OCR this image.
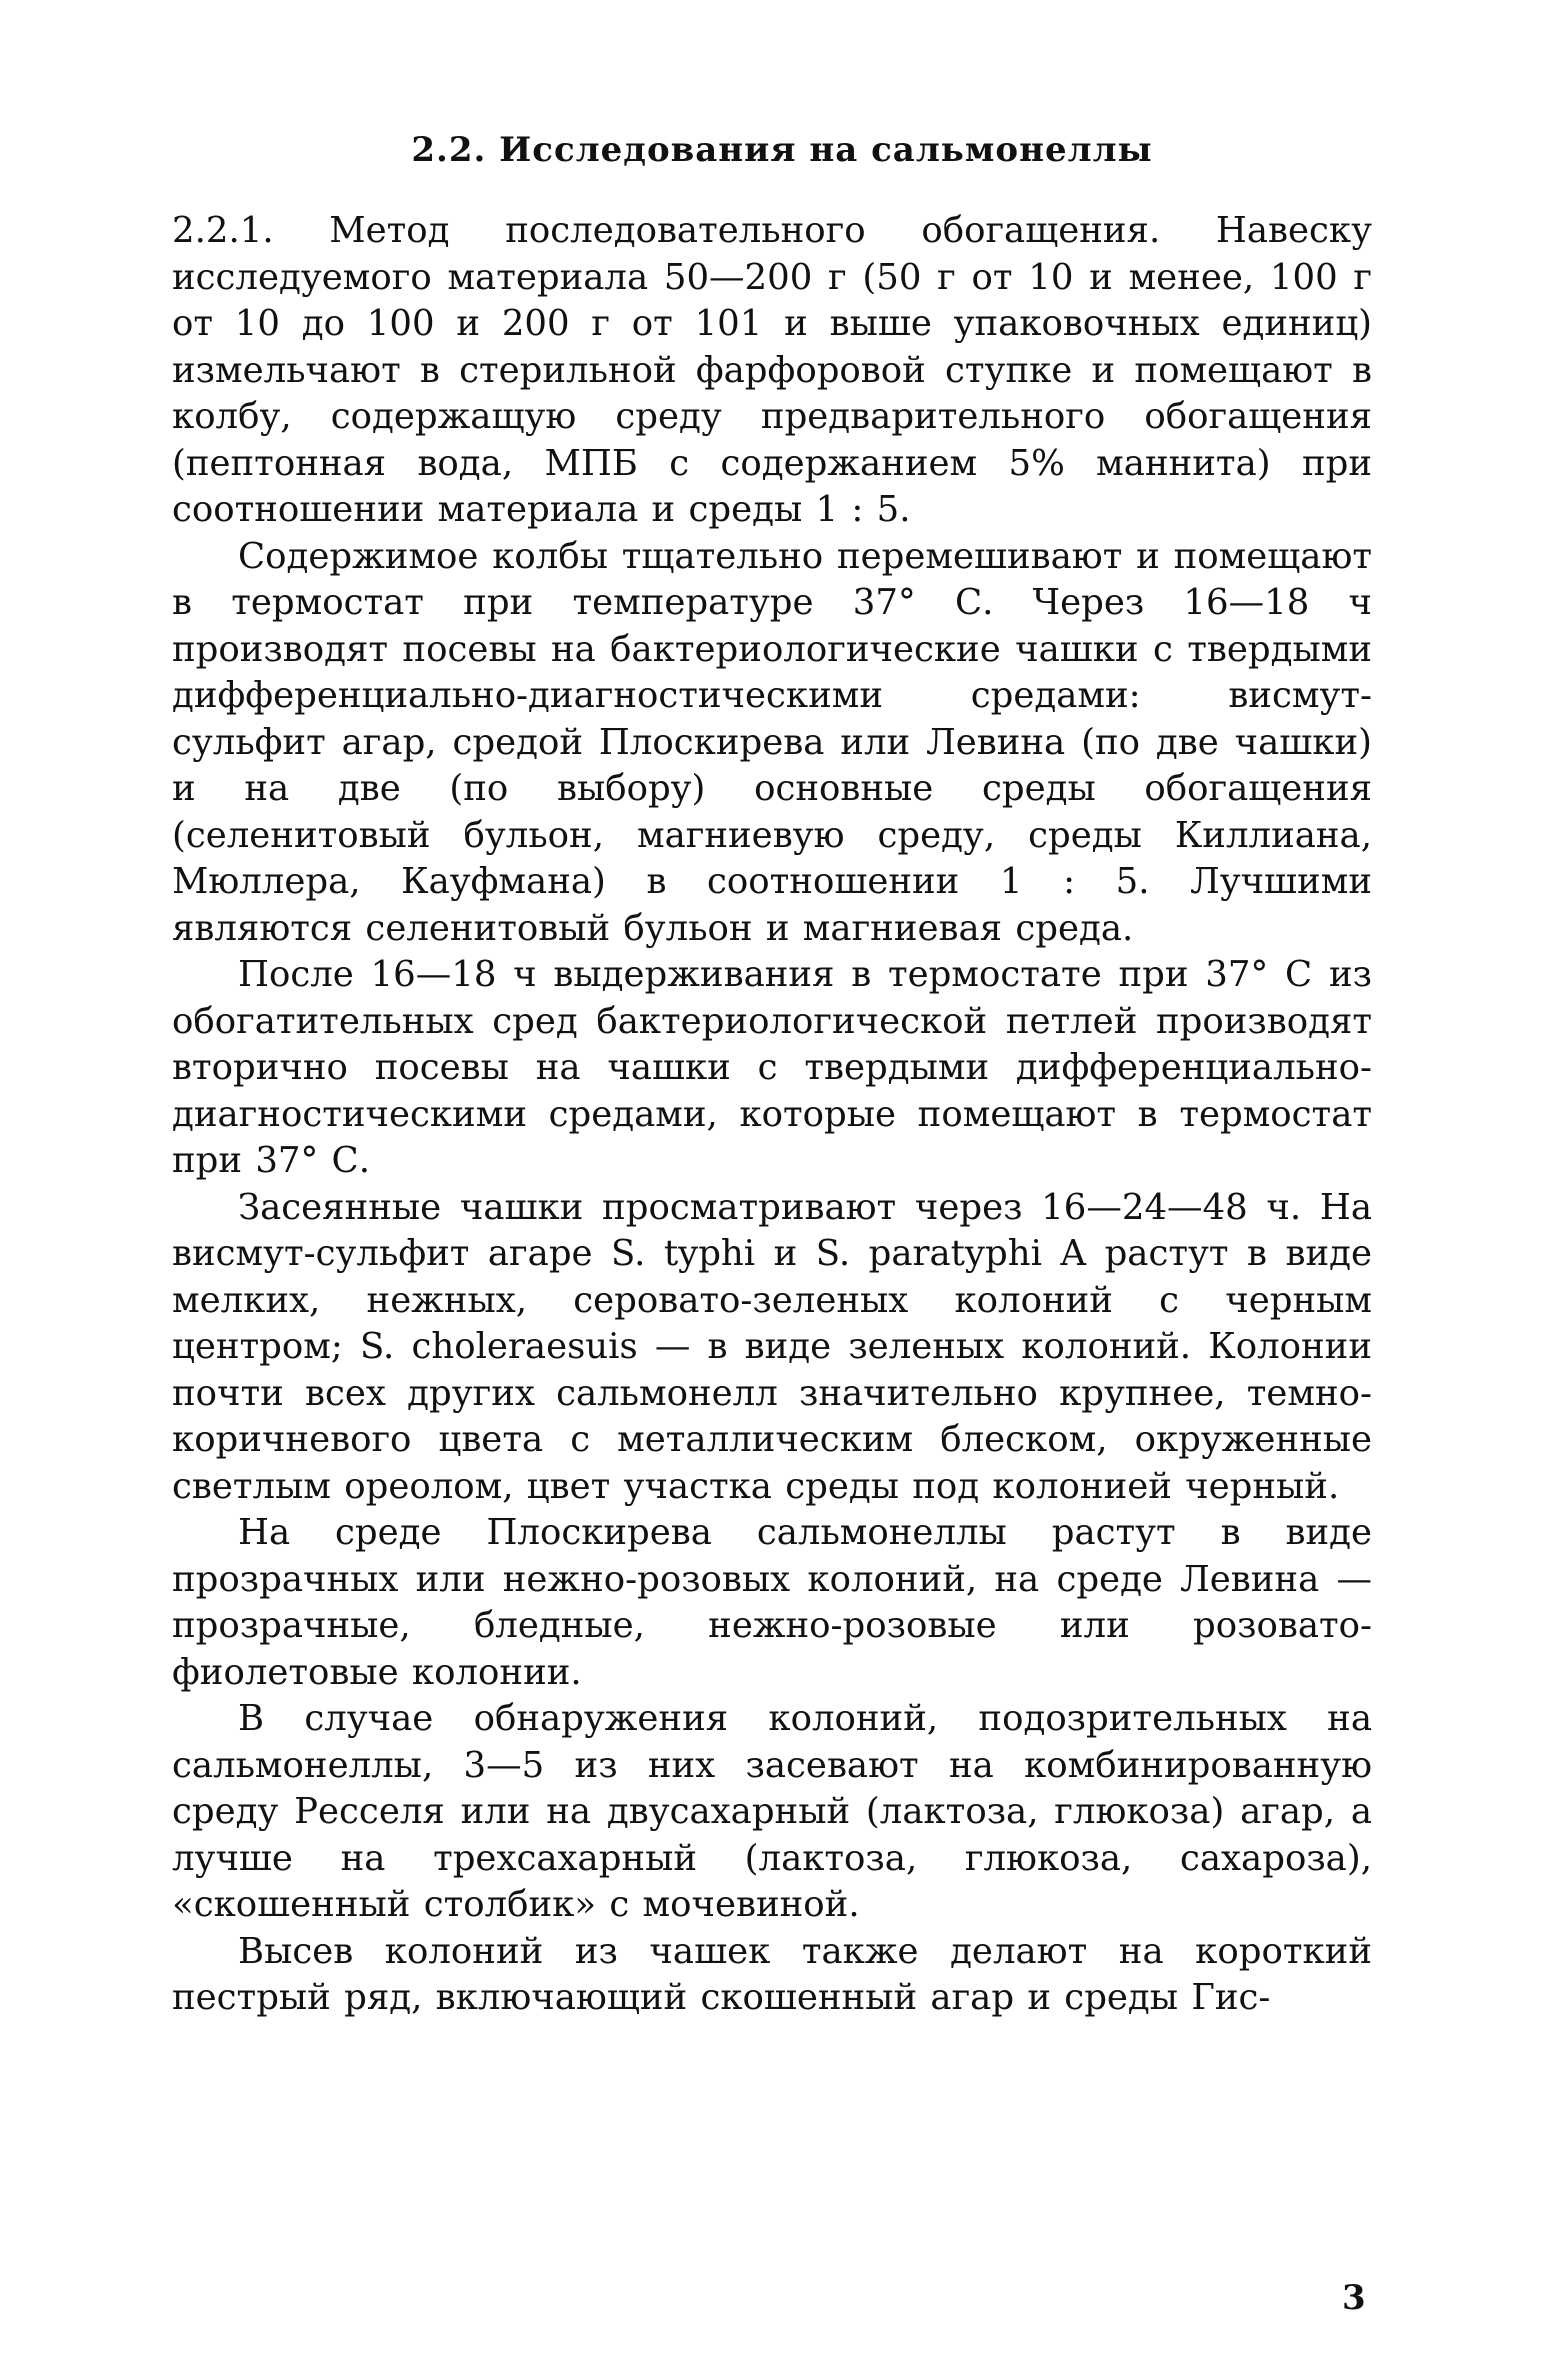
2.2. Исследования на сальмонеллы

2.2.1. Метод последовательного обогащения. Навеску исследуемого материала 50—200 г (50 г от 10 и менее, 100 г от 10 до 100 и 200 г от 101 и выше упаковочных единиц) измельчают в стерильной фарфоровой ступке и помещают в колбу, содержащую среду предварительного обогащения (пептонная вода, МПБ с содержанием 5% маннита) при соотношении материала и среды 1 : 5.

Содержимое колбы тщательно перемешивают и помещают в термостат при температуре 37° С. Через 16—18 ч производят посевы на бактериологические чашки с твердыми дифференциально-диагностическими средами: висмут-сульфит агар, средой Плоскирева или Левина (по две чашки) и на две (по выбору) основные среды обогащения (селенитовый бульон, магниевую среду, среды Киллиана, Мюллера, Кауфмана) в соотношении 1 : 5. Лучшими являются селенитовый бульон и магниевая среда.

После 16—18 ч выдерживания в термостате при 37° С из обогатительных сред бактериологической петлей производят вторично посевы на чашки с твердыми дифференциально-диагностическими средами, которые помещают в термостат при 37° С.

Засеянные чашки просматривают через 16—24—48 ч. На висмут-сульфит агаре S. typhi и S. paratyphi A растут в виде мелких, нежных, серовато-зеленых колоний с черным центром; S. choleraesuis — в виде зеленых колоний. Колонии почти всех других сальмонелл значительно крупнее, темно-коричневого цвета с металлическим блеском, окруженные светлым ореолом, цвет участка среды под колонией черный.

На среде Плоскирева сальмонеллы растут в виде прозрачных или нежно-розовых колоний, на среде Левина — прозрачные, бледные, нежно-розовые или розовато-фиолетовые колонии.

В случае обнаружения колоний, подозрительных на сальмонеллы, 3—5 из них засевают на комбинированную среду Ресселя или на двусахарный (лактоза, глюкоза) агар, а лучше на трехсахарный (лактоза, глюкоза, сахароза), «скошенный столбик» с мочевиной.

Высев колоний из чашек также делают на короткий пестрый ряд, включающий скошенный агар и среды Гис-

3
